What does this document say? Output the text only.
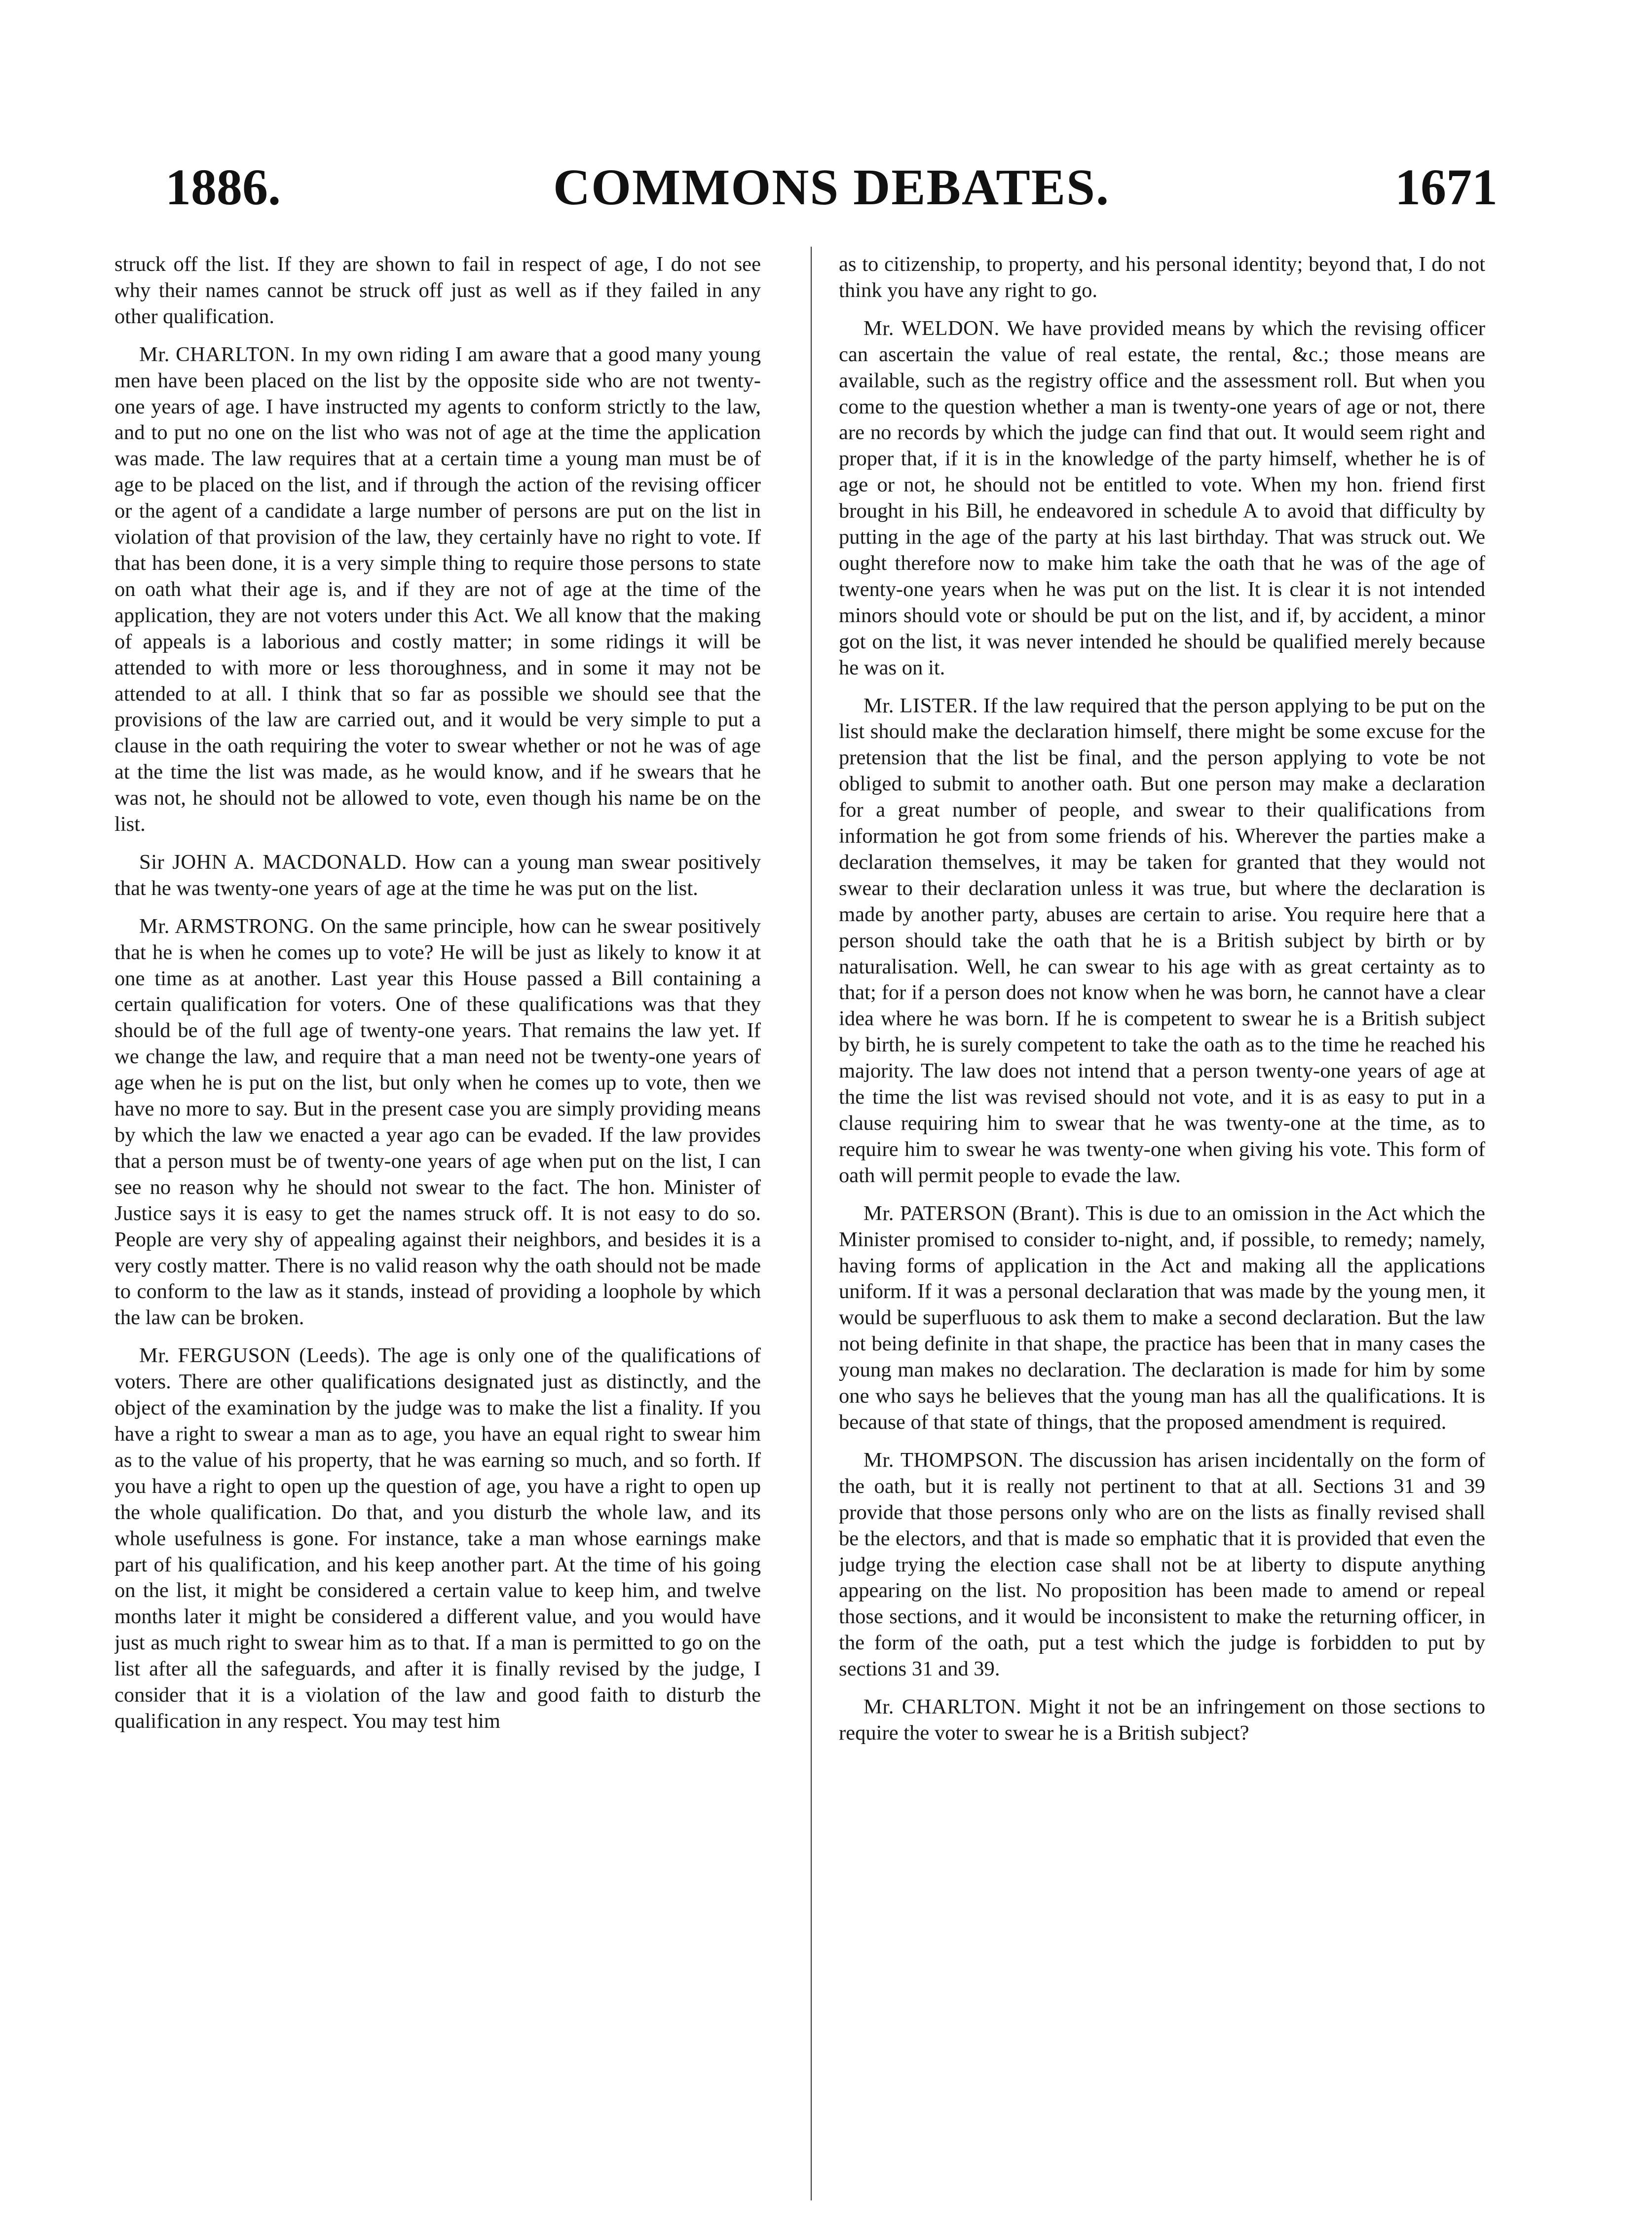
COMMONS DEBATES.
1886.	1671

struck off the list. If they are shown to fail in respect of age, I do not see why their names cannot be struck off just as well as if they failed in any other qualification.

Mr. CHARLTON. In my own riding I am aware that a good many young men have been placed on the list by the opposite side who are not twenty-one years of age. I have instructed my agents to conform strictly to the law, and to put no one on the list who was not of age at the time the application was made. The law requires that at a certain time a young man must be of age to be placed on the list, and if through the action of the revising officer or the agent of a candidate a large number of persons are put on the list in violation of that provision of the law, they certainly have no right to vote. If that has been done, it is a very simple thing to require those persons to state on oath what their age is, and if they are not of age at the time of the application, they are not voters under this Act. We all know that the making of appeals is a laborious and costly matter; in some ridings it will be attended to with more or less thoroughness, and in some it may not be attended to at all. I think that so far as possible we should see that the provisions of the law are carried out, and it would be very simple to put a clause in the oath requiring the voter to swear whether or not he was of age at the time the list was made, as he would know, and if he swears that he was not, he should not be allowed to vote, even though his name be on the list.

Sir JOHN A. MACDONALD. How can a young man swear positively that he was twenty-one years of age at the time he was put on the list.

Mr. ARMSTRONG. On the same principle, how can he swear positively that he is when he comes up to vote? He will be just as likely to know it at one time as at another. Last year this House passed a Bill containing a certain qualification for voters. One of these qualifications was that they should be of the full age of twenty-one years. That remains the law yet. If we change the law, and require that a man need not be twenty-one years of age when he is put on the list, but only when he comes up to vote, then we have no more to say. But in the present case you are simply providing means by which the law we enacted a year ago can be evaded. If the law provides that a person must be of twenty-one years of age when put on the list, I can see no reason why he should not swear to the fact. The hon. Minister of Justice says it is easy to get the names struck off. It is not easy to do so. People are very shy of appealing against their neighbors, and besides it is a very costly matter. There is no valid reason why the oath should not be made to conform to the law as it stands, instead of providing a loophole by which the law can be broken.

Mr. FERGUSON (Leeds). The age is only one of the qualifications of voters. There are other qualifications designated just as distinctly, and the object of the examination by the judge was to make the list a finality. If you have a right to swear a man as to age, you have an equal right to swear him as to the value of his property, that he was earning so much, and so forth. If you have a right to open up the question of age, you have a right to open up the whole qualification. Do that, and you disturb the whole law, and its whole usefulness is gone. For instance, take a man whose earnings make part of his qualification, and his keep another part. At the time of his going on the list, it might be considered a certain value to keep him, and twelve months later it might be considered a different value, and you would have just as much right to swear him as to that. If a man is permitted to go on the list after all the safeguards, and after it is finally revised by the judge, I consider that it is a violation of the law and good faith to disturb the qualification in any respect. You may test him

as to citizenship, to property, and his personal identity; beyond that, I do not think you have any right to go.

Mr. WELDON. We have provided means by which the revising officer can ascertain the value of real estate, the rental, &c.; those means are available, such as the registry office and the assessment roll. But when you come to the question whether a man is twenty-one years of age or not, there are no records by which the judge can find that out. It would seem right and proper that, if it is in the knowledge of the party himself, whether he is of age or not, he should not be entitled to vote. When my hon. friend first brought in his Bill, he endeavored in schedule A to avoid that difficulty by putting in the age of the party at his last birthday. That was struck out. We ought therefore now to make him take the oath that he was of the age of twenty-one years when he was put on the list. It is clear it is not intended minors should vote or should be put on the list, and if, by accident, a minor got on the list, it was never intended he should be qualified merely because he was on it.

Mr. LISTER. If the law required that the person applying to be put on the list should make the declaration himself, there might be some excuse for the pretension that the list be final, and the person applying to vote be not obliged to submit to another oath. But one person may make a declaration for a great number of people, and swear to their qualifications from information he got from some friends of his. Wherever the parties make a declaration themselves, it may be taken for granted that they would not swear to their declaration unless it was true, but where the declaration is made by another party, abuses are certain to arise. You require here that a person should take the oath that he is a British subject by birth or by naturalisation. Well, he can swear to his age with as great certainty as to that; for if a person does not know when he was born, he cannot have a clear idea where he was born. If he is competent to swear he is a British subject by birth, he is surely competent to take the oath as to the time he reached his majority. The law does not intend that a person twenty-one years of age at the time the list was revised should not vote, and it is as easy to put in a clause requiring him to swear that he was twenty-one at the time, as to require him to swear he was twenty-one when giving his vote. This form of oath will permit people to evade the law.

Mr. PATERSON (Brant). This is due to an omission in the Act which the Minister promised to consider to-night, and, if possible, to remedy; namely, having forms of application in the Act and making all the applications uniform. If it was a personal declaration that was made by the young men, it would be superfluous to ask them to make a second declaration. But the law not being definite in that shape, the practice has been that in many cases the young man makes no declaration. The declaration is made for him by some one who says he believes that the young man has all the qualifications. It is because of that state of things, that the proposed amendment is required.

Mr. THOMPSON. The discussion has arisen incidentally on the form of the oath, but it is really not pertinent to that at all. Sections 31 and 39 provide that those persons only who are on the lists as finally revised shall be the electors, and that is made so emphatic that it is provided that even the judge trying the election case shall not be at liberty to dispute anything appearing on the list. No proposition has been made to amend or repeal those sections, and it would be inconsistent to make the returning officer, in the form of the oath, put a test which the judge is forbidden to put by sections 31 and 39.

Mr. CHARLTON. Might it not be an infringement on those sections to require the voter to swear he is a British subject?
